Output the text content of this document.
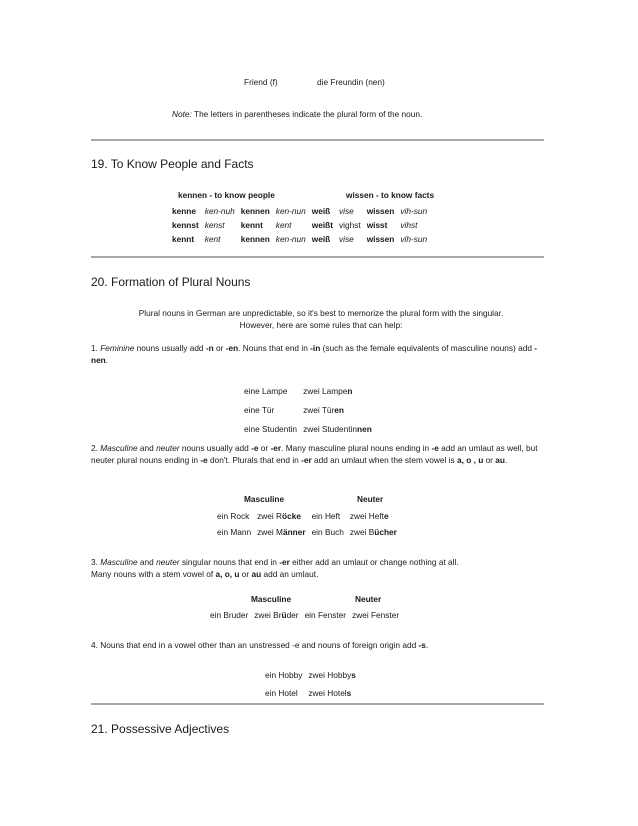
Friend (f)	die Freundin (nen)
Note: The letters in parentheses indicate the plural form of the noun.
19. To Know People and Facts
kennen - to know people	wissen - to know facts
kenne	ken-nuh	kennen	ken-nun	weiß	vise	wissen	vih-sun
kennst	kenst	kennt	kent	weißt	vighst	wisst	vihst
kennt	kent	kennen	ken-nun	weiß	vise	wissen	vih-sun
20. Formation of Plural Nouns
Plural nouns in German are unpredictable, so it's best to memorize the plural form with the singular.
However, here are some rules that can help:
1. Feminine nouns usually add -n or -en. Nouns that end in -in (such as the female equivalents of masculine nouns) add -nen.
eine Lampe	zwei Lampen
eine Tür	zwei Türen
eine Studentin	zwei Studentinnen
2. Masculine and neuter nouns usually add -e or -er. Many masculine plural nouns ending in -e add an umlaut as well, but neuter plural nouns ending in -e don't. Plurals that end in -er add an umlaut when the stem vowel is a, o , u or au.
Masculine	Neuter
ein Rock	zwei Röcke	ein Heft	zwei Hefte
ein Mann	zwei Männer	ein Buch	zwei Bücher
3. Masculine and neuter singular nouns that end in -er either add an umlaut or change nothing at all.
Many nouns with a stem vowel of a, o, u or au add an umlaut.
Masculine	Neuter
ein Bruder	zwei Brüder	ein Fenster	zwei Fenster
4. Nouns that end in a vowel other than an unstressed -e and nouns of foreign origin add -s.
ein Hobby	zwei Hobbys
ein Hotel	zwei Hotels
21. Possessive Adjectives
